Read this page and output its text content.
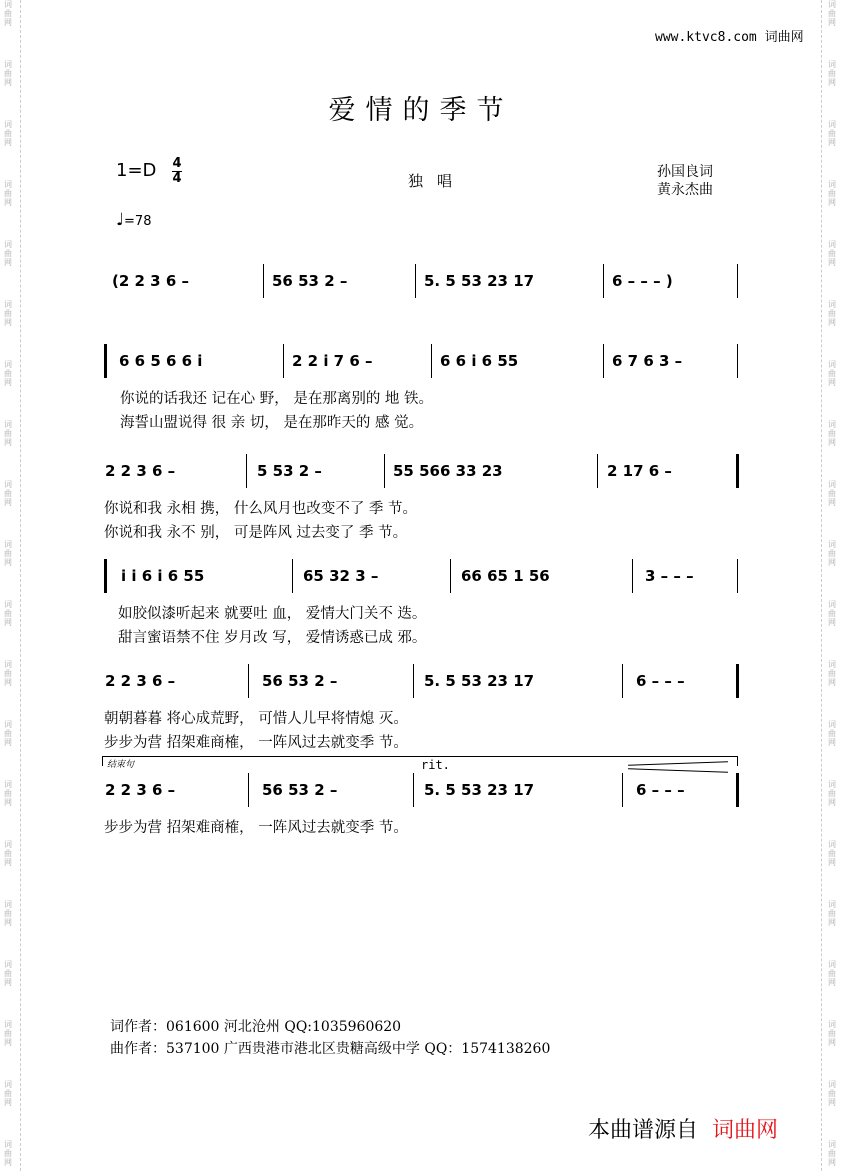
词曲网
词曲网
词曲网
词曲网
词曲网
词曲网
词曲网
词曲网
词曲网
词曲网
词曲网
词曲网
词曲网
词曲网
词曲网
词曲网
词曲网
词曲网
词曲网
词曲网
词曲网
词曲网
词曲网
词曲网
词曲网
词曲网
词曲网
词曲网
词曲网
词曲网
词曲网
词曲网
词曲网
词曲网
词曲网
词曲网
词曲网
词曲网
词曲网
词曲网
www.ktvc8.com 词曲网
爱情的季节
1=D 4
4	独唱	孙国良词
黄永杰曲
♩=78
(2 2 3 6 –	56 53 2 –	5. 5 53 23 17	6 – – – )
6 6 5 6 6 i	2 2 i 7 6 –	6 6 i 6 55	6 7 6 3 –
你说的话我还 记在心 野， 是在那离别的 地 铁。
海誓山盟说得 很 亲 切， 是在那昨天的 感 觉。
2 2 3 6 –	5 53 2 –	55 566 33 23	2 17 6 –
你说和我 永相 携， 什么风月也改变不了 季 节。
你说和我 永不 别， 可是阵风 过去变了 季 节。
i i 6 i 6 55	65 32 3 –	66 65 1 56	3 – – –
如胶似漆听起来 就要吐 血， 爱情大门关不 迭。
甜言蜜语禁不住 岁月改 写， 爱情诱惑已成 邪。
2 2 3 6 –	56 53 2 –	5. 5 53 23 17	6 – – –
朝朝暮暮 将心成荒野， 可惜人儿早将情熄 灭。
步步为营 招架难商榷， 一阵风过去就变季 节。
2 2 3 6 –	56 53 2 –	5. 5 53 23 17	6 – – –
步步为营 招架难商榷， 一阵风过去就变季 节。
结束句	rit.
词作者：061600 河北沧州 QQ:1035960620
曲作者：537100 广西贵港市港北区贵糖高级中学 QQ：1574138260
本曲谱源自 词曲网
